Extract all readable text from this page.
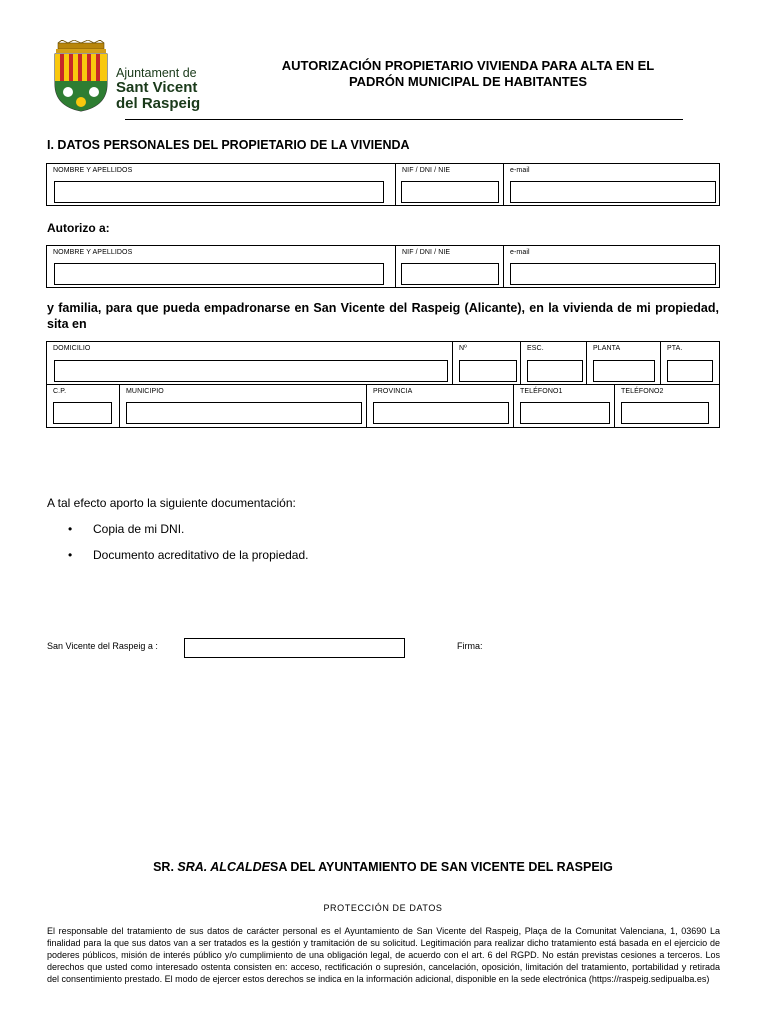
Ajuntament de
Sant Vicent
del Raspeig
AUTORIZACIÓN PROPIETARIO VIVIENDA PARA ALTA EN EL
PADRÓN MUNICIPAL DE HABITANTES
I. DATOS PERSONALES DEL PROPIETARIO DE LA VIVIENDA
NOMBRE Y APELLIDOS	NIF / DNI / NIE	e-mail
Autorizo a:
NOMBRE Y APELLIDOS	NIF / DNI / NIE	e-mail
y familia, para que pueda empadronarse en San Vicente del Raspeig (Alicante), en la vivienda de mi propiedad, sita en
DOMICILIO	Nº	ESC.	PLANTA	PTA.
C.P.	MUNICIPIO	PROVINCIA	TELÉFONO1	TELÉFONO2
A tal efecto aporto la siguiente documentación:
• Copia de mi DNI.
• Documento acreditativo de la propiedad.
San Vicente del Raspeig a :	Firma:
SR. SRA. ALCALDESA DEL AYUNTAMIENTO DE SAN VICENTE DEL RASPEIG
PROTECCIÓN DE DATOS
El responsable del tratamiento de sus datos de carácter personal es el Ayuntamiento de San Vicente del Raspeig, Plaça de la Comunitat Valenciana, 1, 03690 La finalidad para la que sus datos van a ser tratados es la gestión y tramitación de su solicitud. Legitimación para realizar dicho tratamiento está basada en el ejercicio de poderes públicos, misión de interés público y/o cumplimiento de una obligación legal, de acuerdo con el art. 6 del RGPD. No están previstas cesiones a terceros. Los derechos que usted como interesado ostenta consisten en: acceso, rectificación o supresión, cancelación, oposición, limitación del tratamiento, portabilidad y retirada del consentimiento prestado. El modo de ejercer estos derechos se indica en la información adicional, disponible en la sede electrónica (https://raspeig.sedipualba.es)
